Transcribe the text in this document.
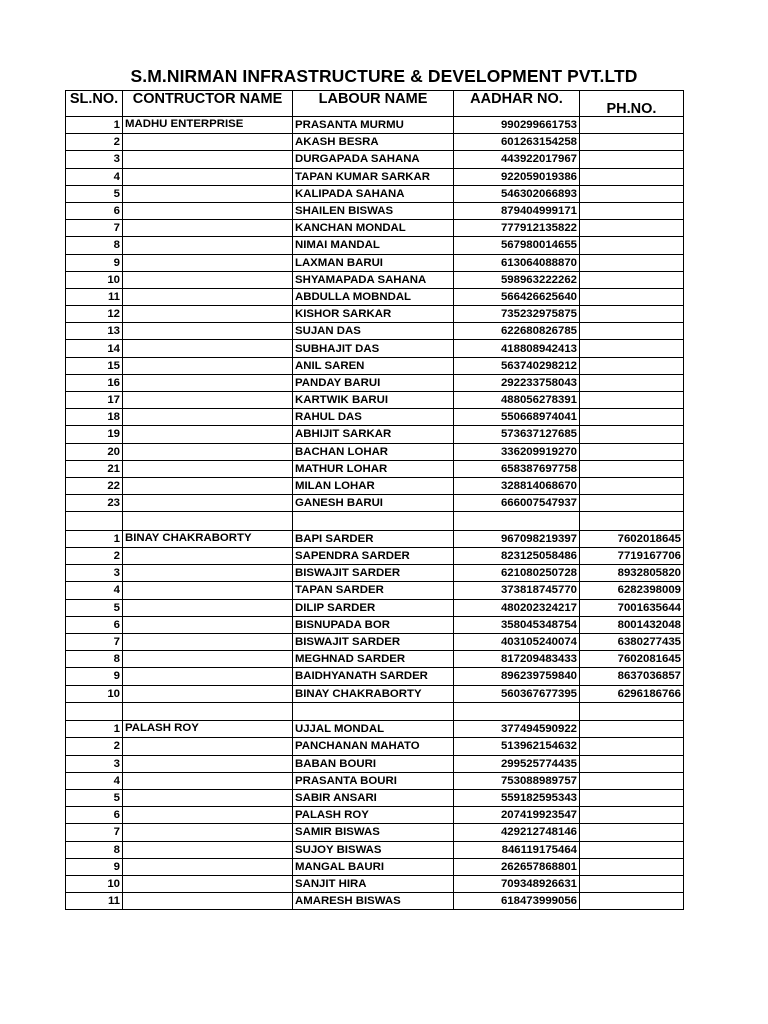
S.M.NIRMAN INFRASTRUCTURE & DEVELOPMENT PVT.LTD
SL.NO.	CONTRUCTOR NAME	LABOUR NAME	AADHAR NO.	PH.NO.
1	MADHU ENTERPRISE	PRASANTA MURMU	990299661753	
2		AKASH BESRA	601263154258	
3		DURGAPADA SAHANA	443922017967	
4		TAPAN KUMAR SARKAR	922059019386	
5		KALIPADA SAHANA	546302066893	
6		SHAILEN BISWAS	879404999171	
7		KANCHAN MONDAL	777912135822	
8		NIMAI MANDAL	567980014655	
9		LAXMAN BARUI	613064088870	
10		SHYAMAPADA SAHANA	598963222262	
11		ABDULLA MOBNDAL	566426625640	
12		KISHOR SARKAR	735232975875	
13		SUJAN DAS	622680826785	
14		SUBHAJIT DAS	418808942413	
15		ANIL SAREN	563740298212	
16		PANDAY BARUI	292233758043	
17		KARTWIK BARUI	488056278391	
18		RAHUL DAS	550668974041	
19		ABHIJIT SARKAR	573637127685	
20		BACHAN LOHAR	336209919270	
21		MATHUR LOHAR	658387697758	
22		MILAN LOHAR	328814068670	
23		GANESH BARUI	666007547937	

1	BINAY CHAKRABORTY	BAPI SARDER	967098219397	7602018645
2		SAPENDRA SARDER	823125058486	7719167706
3		BISWAJIT SARDER	621080250728	8932805820
4		TAPAN SARDER	373818745770	6282398009
5		DILIP SARDER	480202324217	7001635644
6		BISNUPADA BOR	358045348754	8001432048
7		BISWAJIT SARDER	403105240074	6380277435
8		MEGHNAD SARDER	817209483433	7602081645
9		BAIDHYANATH SARDER	896239759840	8637036857
10		BINAY CHAKRABORTY	560367677395	6296186766

1	PALASH ROY	UJJAL MONDAL	377494590922	
2		PANCHANAN MAHATO	513962154632	
3		BABAN BOURI	299525774435	
4		PRASANTA BOURI	753088989757	
5		SABIR ANSARI	559182595343	
6		PALASH ROY	207419923547	
7		SAMIR BISWAS	429212748146	
8		SUJOY BISWAS	846119175464	
9		MANGAL BAURI	262657868801	
10		SANJIT HIRA	709348926631	
11		AMARESH BISWAS	618473999056	
